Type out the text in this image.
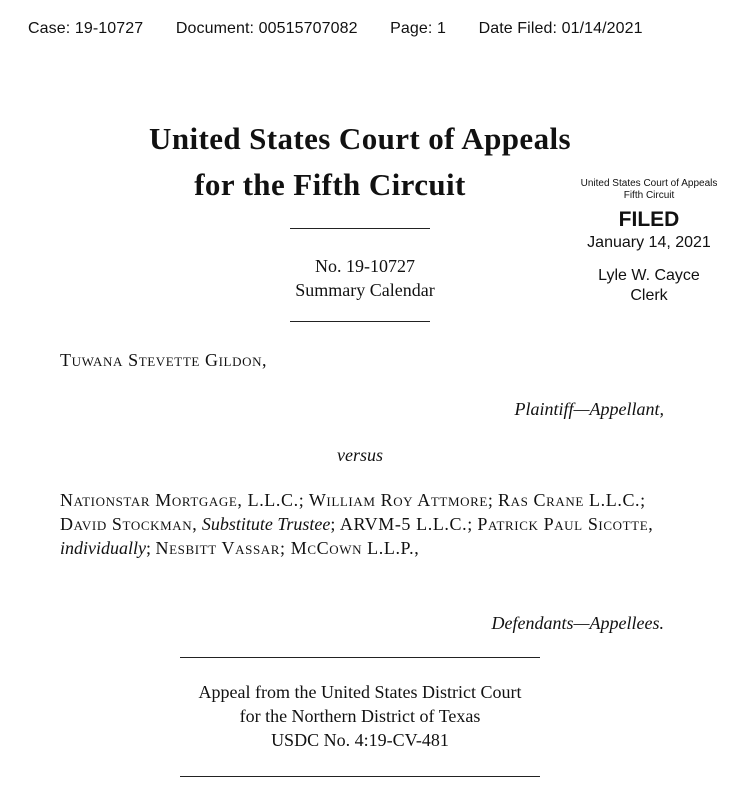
Case: 19-10727 Document: 00515707082 Page: 1 Date Filed: 01/14/2021
United States Court of Appeals
for the Fifth Circuit	United States Court of Appeals
Fifth Circuit
FILED
January 14, 2021
Lyle W. Cayce
Clerk
No. 19-10727
Summary Calendar
Tuwana Stevette Gildon,
Plaintiff—Appellant,
versus
Nationstar Mortgage, L.L.C.; William Roy Attmore; Ras Crane L.L.C.; David Stockman, Substitute Trustee; ARVM-5 L.L.C.; Patrick Paul Sicotte, individually; Nesbitt Vassar; McCown L.L.P.,
Defendants—Appellees.
Appeal from the United States District Court
for the Northern District of Texas
USDC No. 4:19-CV-481
